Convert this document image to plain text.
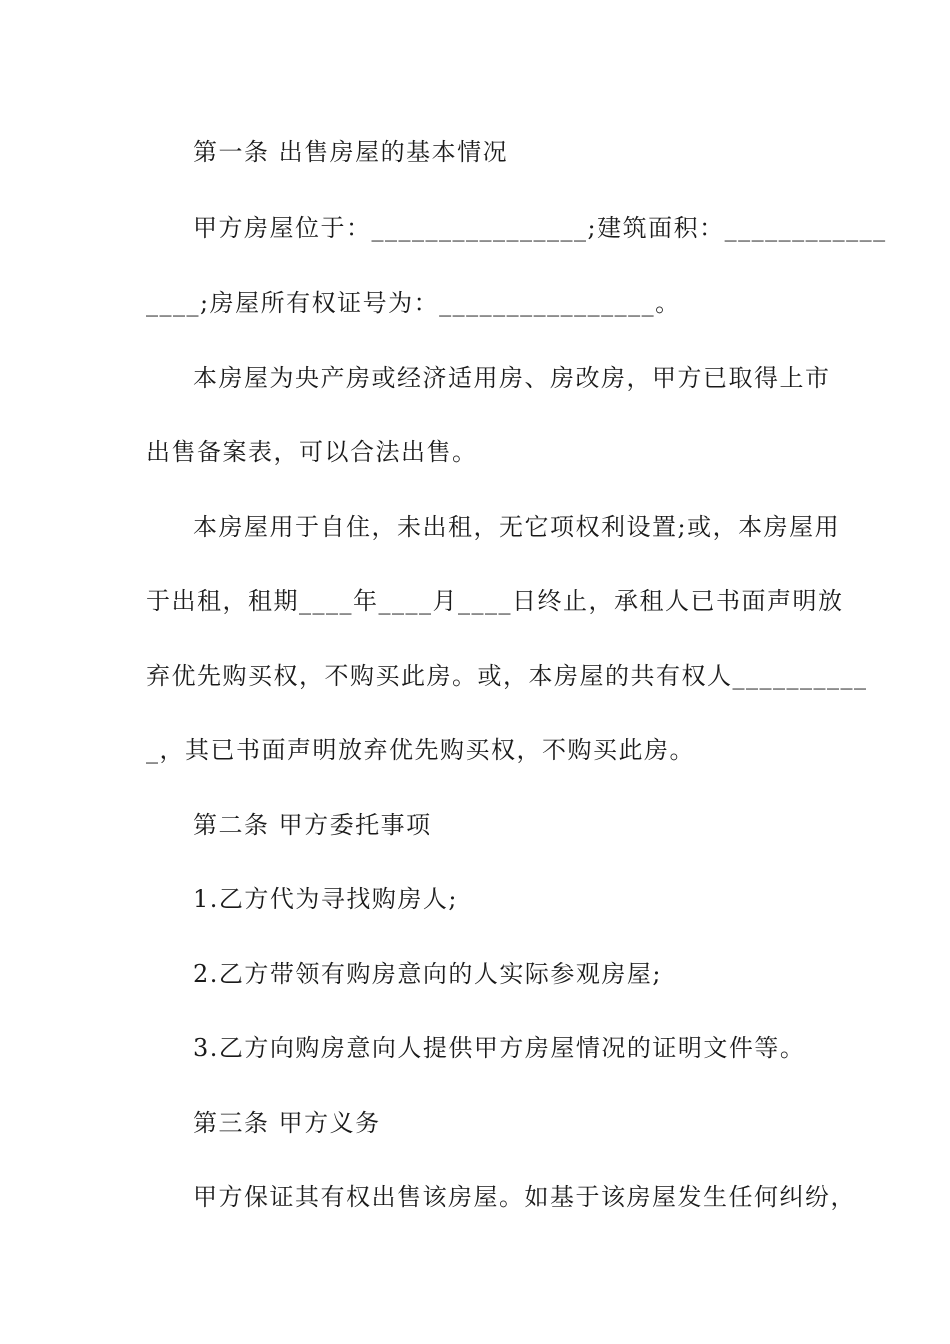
第一条 出售房屋的基本情况
甲方房屋位于：________________;建筑面积：____________
____;房屋所有权证号为：________________。
本房屋为央产房或经济适用房、房改房，甲方已取得上市
出售备案表，可以合法出售。
本房屋用于自住，未出租，无它项权利设置;或，本房屋用
于出租，租期____年____月____日终止，承租人已书面声明放
弃优先购买权，不购买此房。或，本房屋的共有权人__________
_，其已书面声明放弃优先购买权，不购买此房。
第二条 甲方委托事项
1.乙方代为寻找购房人;
2.乙方带领有购房意向的人实际参观房屋;
3.乙方向购房意向人提供甲方房屋情况的证明文件等。
第三条 甲方义务
甲方保证其有权出售该房屋。如基于该房屋发生任何纠纷，
